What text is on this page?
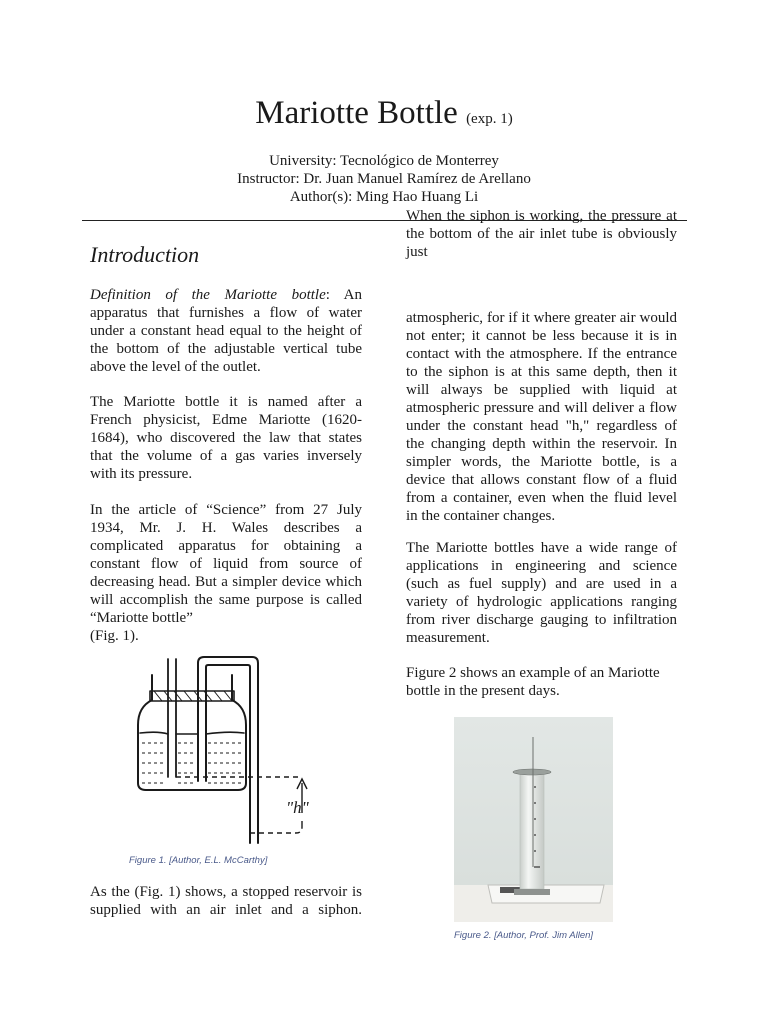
Mariotte Bottle (exp. 1)
University: Tecnológico de Monterrey
Instructor: Dr. Juan Manuel Ramírez de Arellano
Author(s): Ming Hao Huang Li
Introduction

Definition of the Mariotte bottle: An apparatus that furnishes a flow of water under a constant head equal to the height of the bottom of the adjustable vertical tube above the level of the outlet.

The Mariotte bottle it is named after a French physicist, Edme Mariotte (1620-1684), who discovered the law that states that the volume of a gas varies inversely with its pressure.

In the article of “Science” from 27 July 1934, Mr. J. H. Wales describes a complicated apparatus for obtaining a constant flow of liquid from source of decreasing head. But a simpler device which will accomplish the same purpose is called “Mariotte bottle”

(Fig. 1).

"h"
Figure 1. [Author, E.L. McCarthy]
As the (Fig. 1) shows, a stopped reservoir is supplied with an air inlet and a siphon.
When the siphon is working, the pressure at the bottom of the air inlet tube is obviously just
atmospheric, for if it where greater air would not enter; it cannot be less because it is in contact with the atmosphere. If the entrance to the siphon is at this same depth, then it will always be supplied with liquid at atmospheric pressure and will deliver a flow under the constant head "h," regardless of the changing depth within the reservoir. In simpler words, the Mariotte bottle, is a device that allows constant flow of a fluid from a container, even when the fluid level in the container changes.
The Mariotte bottles have a wide range of applications in engineering and science (such as fuel supply) and are used in a variety of hydrologic applications ranging from river discharge gauging to infiltration measurement.
Figure 2 shows an example of an Mariotte bottle in the present days.
Figure 2. [Author, Prof. Jim Allen]
